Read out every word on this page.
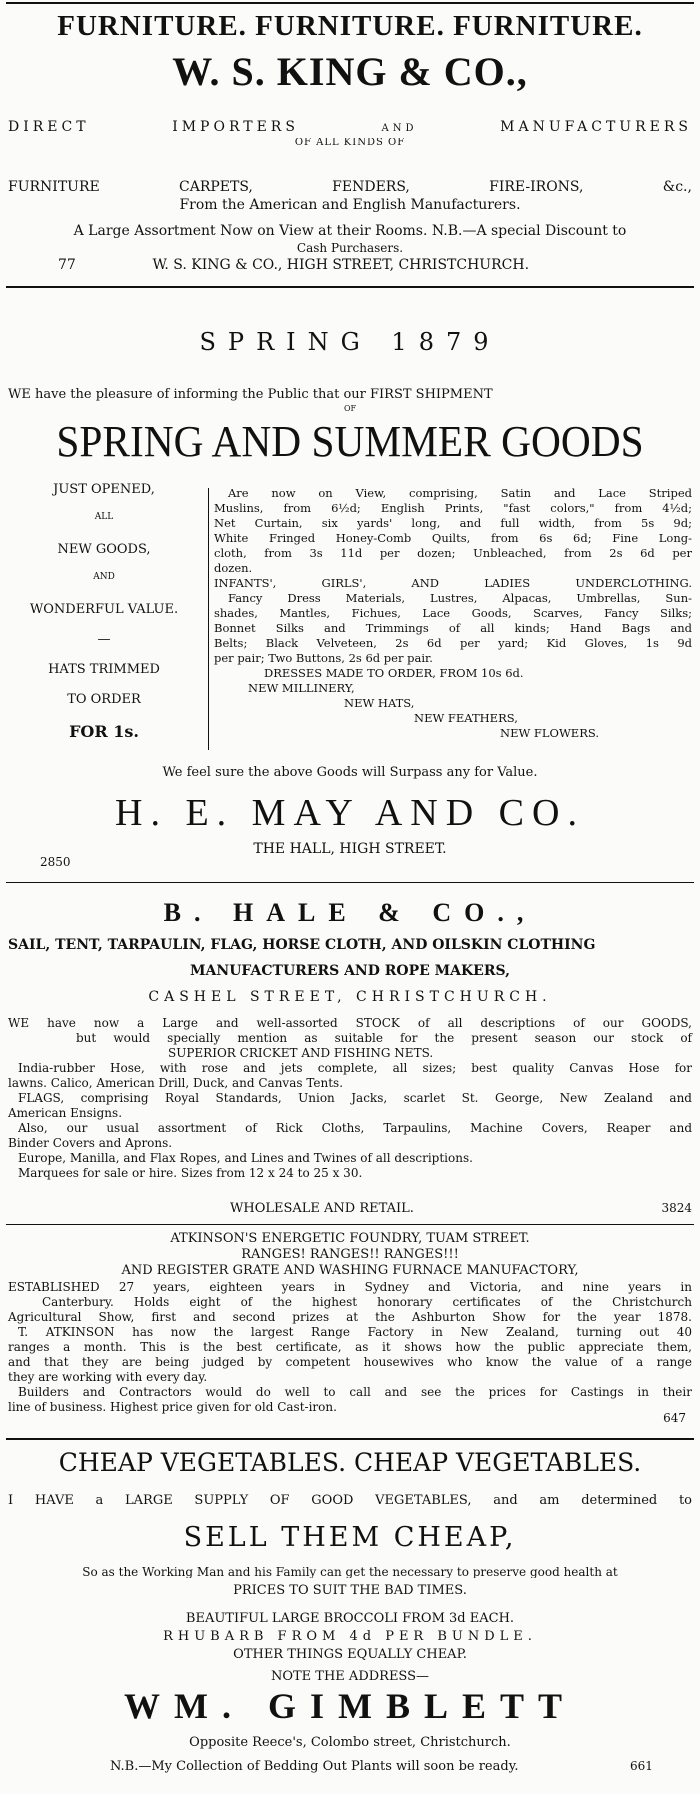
FURNITURE. FURNITURE. FURNITURE.
W. S. KING & CO.,
DIRECT	IMPORTERS	AND	MANUFACTURERS
OF ALL KINDS OF
FURNITURE	CARPETS,	FENDERS,	FIRE-IRONS,	&c.,
From the American and English Manufacturers.
A Large Assortment Now on View at their Rooms. N.B.—A special Discount to
Cash Purchasers.
77	W. S. KING & CO., HIGH STREET, CHRISTCHURCH.
SPRING 1879
WE have the pleasure of informing the Public that our FIRST SHIPMENT
OF
SPRING AND SUMMER GOODS
JUST OPENED,
ALL
NEW GOODS,
AND
WONDERFUL VALUE.
—
HATS TRIMMED
TO ORDER
FOR 1s.
Are now on View, comprising, Satin and Lace Striped
Muslins, from 6½d; English Prints, "fast colors," from 4½d;
Net Curtain, six yards' long, and full width, from 5s 9d;
White Fringed Honey-Comb Quilts, from 6s 6d; Fine Long-
cloth, from 3s 11d per dozen; Unbleached, from 2s 6d per
dozen.
INFANTS', GIRLS', AND LADIES UNDERCLOTHING.
Fancy Dress Materials, Lustres, Alpacas, Umbrellas, Sun-
shades, Mantles, Fichues, Lace Goods, Scarves, Fancy Silks;
Bonnet Silks and Trimmings of all kinds; Hand Bags and
Belts; Black Velveteen, 2s 6d per yard; Kid Gloves, 1s 9d
per pair; Two Buttons, 2s 6d per pair.
DRESSES MADE TO ORDER, FROM 10s 6d.
NEW MILLINERY,
NEW HATS,
NEW FEATHERS,
NEW FLOWERS.
We feel sure the above Goods will Surpass any for Value.
H. E. MAY AND CO.
THE HALL, HIGH STREET.
2850
B. HALE & CO.,
SAIL, TENT, TARPAULIN, FLAG, HORSE CLOTH, AND OILSKIN CLOTHING
MANUFACTURERS AND ROPE MAKERS,
CASHEL STREET, CHRISTCHURCH.
WE have now a Large and well-assorted STOCK of all descriptions of our GOODS,
but would specially mention as suitable for the present season our stock of
SUPERIOR CRICKET AND FISHING NETS.
India-rubber Hose, with rose and jets complete, all sizes; best quality Canvas Hose for
lawns. Calico, American Drill, Duck, and Canvas Tents.
FLAGS, comprising Royal Standards, Union Jacks, scarlet St. George, New Zealand and
American Ensigns.
Also, our usual assortment of Rick Cloths, Tarpaulins, Machine Covers, Reaper and
Binder Covers and Aprons.
Europe, Manilla, and Flax Ropes, and Lines and Twines of all descriptions.
Marquees for sale or hire. Sizes from 12 x 24 to 25 x 30.
WHOLESALE AND RETAIL.	3824
ATKINSON'S ENERGETIC FOUNDRY, TUAM STREET.
RANGES! RANGES!! RANGES!!!
AND REGISTER GRATE AND WASHING FURNACE MANUFACTORY,
ESTABLISHED 27 years, eighteen years in Sydney and Victoria, and nine years in
Canterbury. Holds eight of the highest honorary certificates of the Christchurch
Agricultural Show, first and second prizes at the Ashburton Show for the year 1878.
T. ATKINSON has now the largest Range Factory in New Zealand, turning out 40
ranges a month. This is the best certificate, as it shows how the public appreciate them,
and that they are being judged by competent housewives who know the value of a range
they are working with every day.
Builders and Contractors would do well to call and see the prices for Castings in their
line of business. Highest price given for old Cast-iron.
647
CHEAP VEGETABLES. CHEAP VEGETABLES.
I HAVE a LARGE SUPPLY OF GOOD VEGETABLES, and am determined to
SELL THEM CHEAP,
So as the Working Man and his Family can get the necessary to preserve good health at
PRICES TO SUIT THE BAD TIMES.
BEAUTIFUL LARGE BROCCOLI FROM 3d EACH.
RHUBARB FROM 4d PER BUNDLE.
OTHER THINGS EQUALLY CHEAP.
NOTE THE ADDRESS—
WM. GIMBLETT
Opposite Reece's, Colombo street, Christchurch.
N.B.—My Collection of Bedding Out Plants will soon be ready.	661
